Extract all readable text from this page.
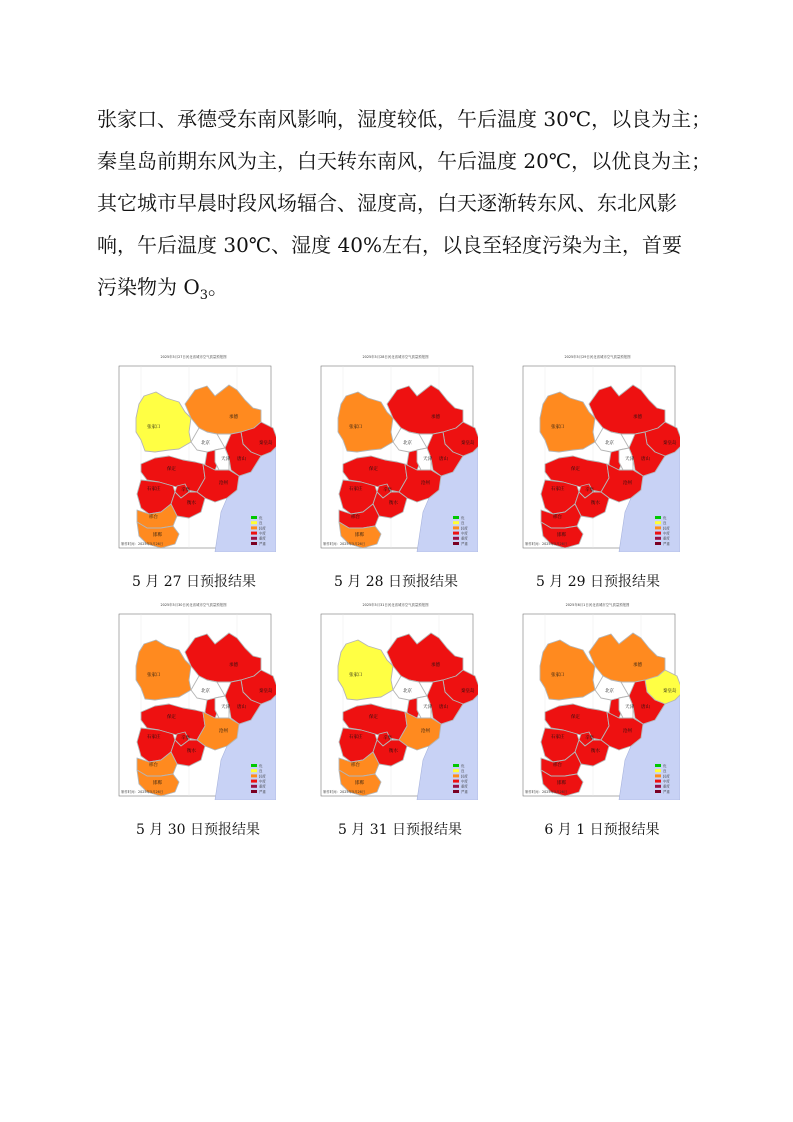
张家口、承德受东南风影响，湿度较低，午后温度 30℃，以良为主；
秦皇岛前期东风为主，白天转东南风，午后温度 20℃，以优良为主；
其它城市早晨时段风场辐合、湿度高，白天逐渐转东风、东北风影
响，午后温度 30℃、湿度 40%左右，以良至轻度污染为主，首要
污染物为 $O_3$。
2025年5月27日河北省城市空气质量预报图
张家口
承德
秦皇岛
北京
天津 唐山
保定
沧州
石家庄
衡水
邢台
邯郸
辛集
优
良
轻度
中度
重度
严重
制作时间：2025年5月26日
5 月 27 日预报结果
2025年5月28日河北省城市空气质量预报图
张家口
承德
秦皇岛
北京
天津 唐山
保定
沧州
石家庄
衡水
邢台
邯郸
辛集
优
良
轻度
中度
重度
严重
制作时间：2025年5月26日
5 月 28 日预报结果
2025年5月29日河北省城市空气质量预报图
张家口
承德
秦皇岛
北京
天津 唐山
保定
沧州
石家庄
衡水
邢台
邯郸
辛集
优
良
轻度
中度
重度
严重
制作时间：2025年5月26日
5 月 29 日预报结果
2025年5月30日河北省城市空气质量预报图
张家口
承德
秦皇岛
北京
天津 唐山
保定
沧州
石家庄
衡水
邢台
邯郸
辛集
优
良
轻度
中度
重度
严重
制作时间：2025年5月26日
5 月 30 日预报结果
2025年5月31日河北省城市空气质量预报图
张家口
承德
秦皇岛
北京
天津 唐山
保定
沧州
石家庄
衡水
邢台
邯郸
辛集
优
良
轻度
中度
重度
严重
制作时间：2025年5月26日
5 月 31 日预报结果
2025年6月1日河北省城市空气质量预报图
张家口
承德
秦皇岛
北京
天津 唐山
保定
沧州
石家庄
衡水
邢台
邯郸
辛集
优
良
轻度
中度
重度
严重
制作时间：2025年5月26日
6 月 1 日预报结果
